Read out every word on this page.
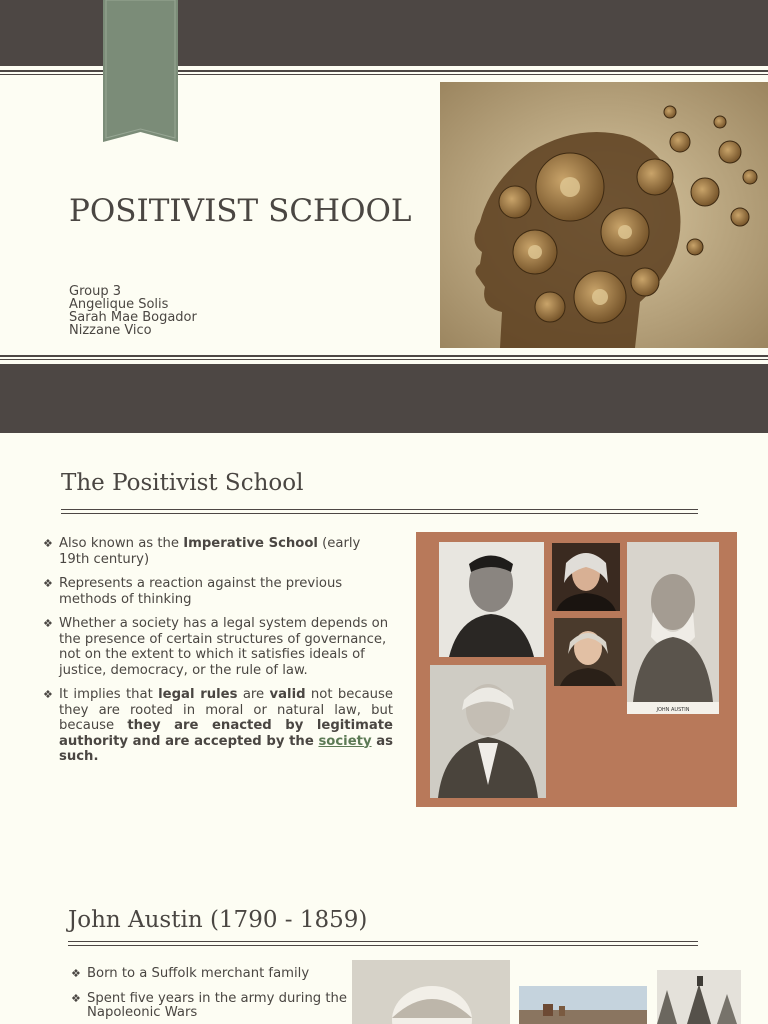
POSITIVIST SCHOOL
Group 3
Angelique Solis
Sarah Mae Bogador
Nizzane Vico
The Positivist School
❖ Also known as the Imperative School (early 19th century)
❖ Represents a reaction against the previous methods of thinking
❖ Whether a society has a legal system depends on the presence of certain structures of governance, not on the extent to which it satisfies ideals of justice, democracy, or the rule of law.
❖ It implies that legal rules are valid not because they are rooted in moral or natural law, but because they are enacted by legitimate authority and are accepted by the society as such.
JOHN AUSTIN
John Austin (1790 - 1859)
❖ Born to a Suffolk merchant family
❖ Spent five years in the army during the Napoleonic Wars
